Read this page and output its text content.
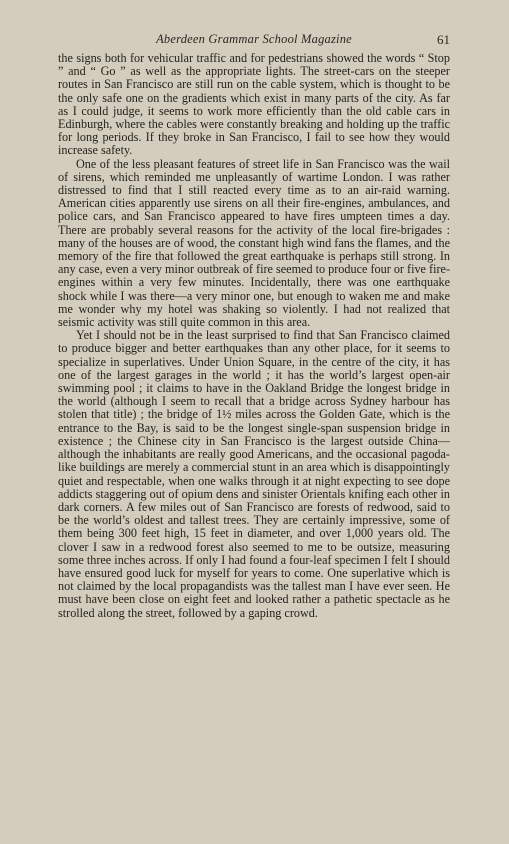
Aberdeen Grammar School Magazine	61

the signs both for vehicular traffic and for pedestrians showed the words “ Stop ” and “ Go ” as well as the appropriate lights. The street-cars on the steeper routes in San Francisco are still run on the cable system, which is thought to be the only safe one on the gradients which exist in many parts of the city. As far as I could judge, it seems to work more efficiently than the old cable cars in Edinburgh, where the cables were constantly breaking and holding up the traffic for long periods. If they broke in San Francisco, I fail to see how they would increase safety.

One of the less pleasant features of street life in San Francisco was the wail of sirens, which reminded me unpleasantly of wartime London. I was rather distressed to find that I still reacted every time as to an air-raid warning. American cities apparently use sirens on all their fire-engines, ambulances, and police cars, and San Francisco appeared to have fires umpteen times a day. There are probably several reasons for the activity of the local fire-brigades : many of the houses are of wood, the constant high wind fans the flames, and the memory of the fire that followed the great earthquake is perhaps still strong. In any case, even a very minor outbreak of fire seemed to produce four or five fire-engines within a very few minutes. Incidentally, there was one earthquake shock while I was there—a very minor one, but enough to waken me and make me wonder why my hotel was shaking so violently. I had not realized that seismic activity was still quite common in this area.

Yet I should not be in the least surprised to find that San Francisco claimed to produce bigger and better earthquakes than any other place, for it seems to specialize in superlatives. Under Union Square, in the centre of the city, it has one of the largest garages in the world ; it has the world’s largest open-air swimming pool ; it claims to have in the Oakland Bridge the longest bridge in the world (although I seem to recall that a bridge across Sydney harbour has stolen that title) ; the bridge of 1½ miles across the Golden Gate, which is the entrance to the Bay, is said to be the longest single-span suspension bridge in existence ; the Chinese city in San Francisco is the largest outside China—although the inhabitants are really good Americans, and the occasional pagoda-like buildings are merely a commercial stunt in an area which is disappointingly quiet and respectable, when one walks through it at night expecting to see dope addicts staggering out of opium dens and sinister Orientals knifing each other in dark corners. A few miles out of San Francisco are forests of redwood, said to be the world’s oldest and tallest trees. They are certainly impressive, some of them being 300 feet high, 15 feet in diameter, and over 1,000 years old. The clover I saw in a redwood forest also seemed to me to be outsize, measuring some three inches across. If only I had found a four-leaf specimen I felt I should have ensured good luck for myself for years to come. One superlative which is not claimed by the local propagandists was the tallest man I have ever seen. He must have been close on eight feet and looked rather a pathetic spectacle as he strolled along the street, followed by a gaping crowd.
